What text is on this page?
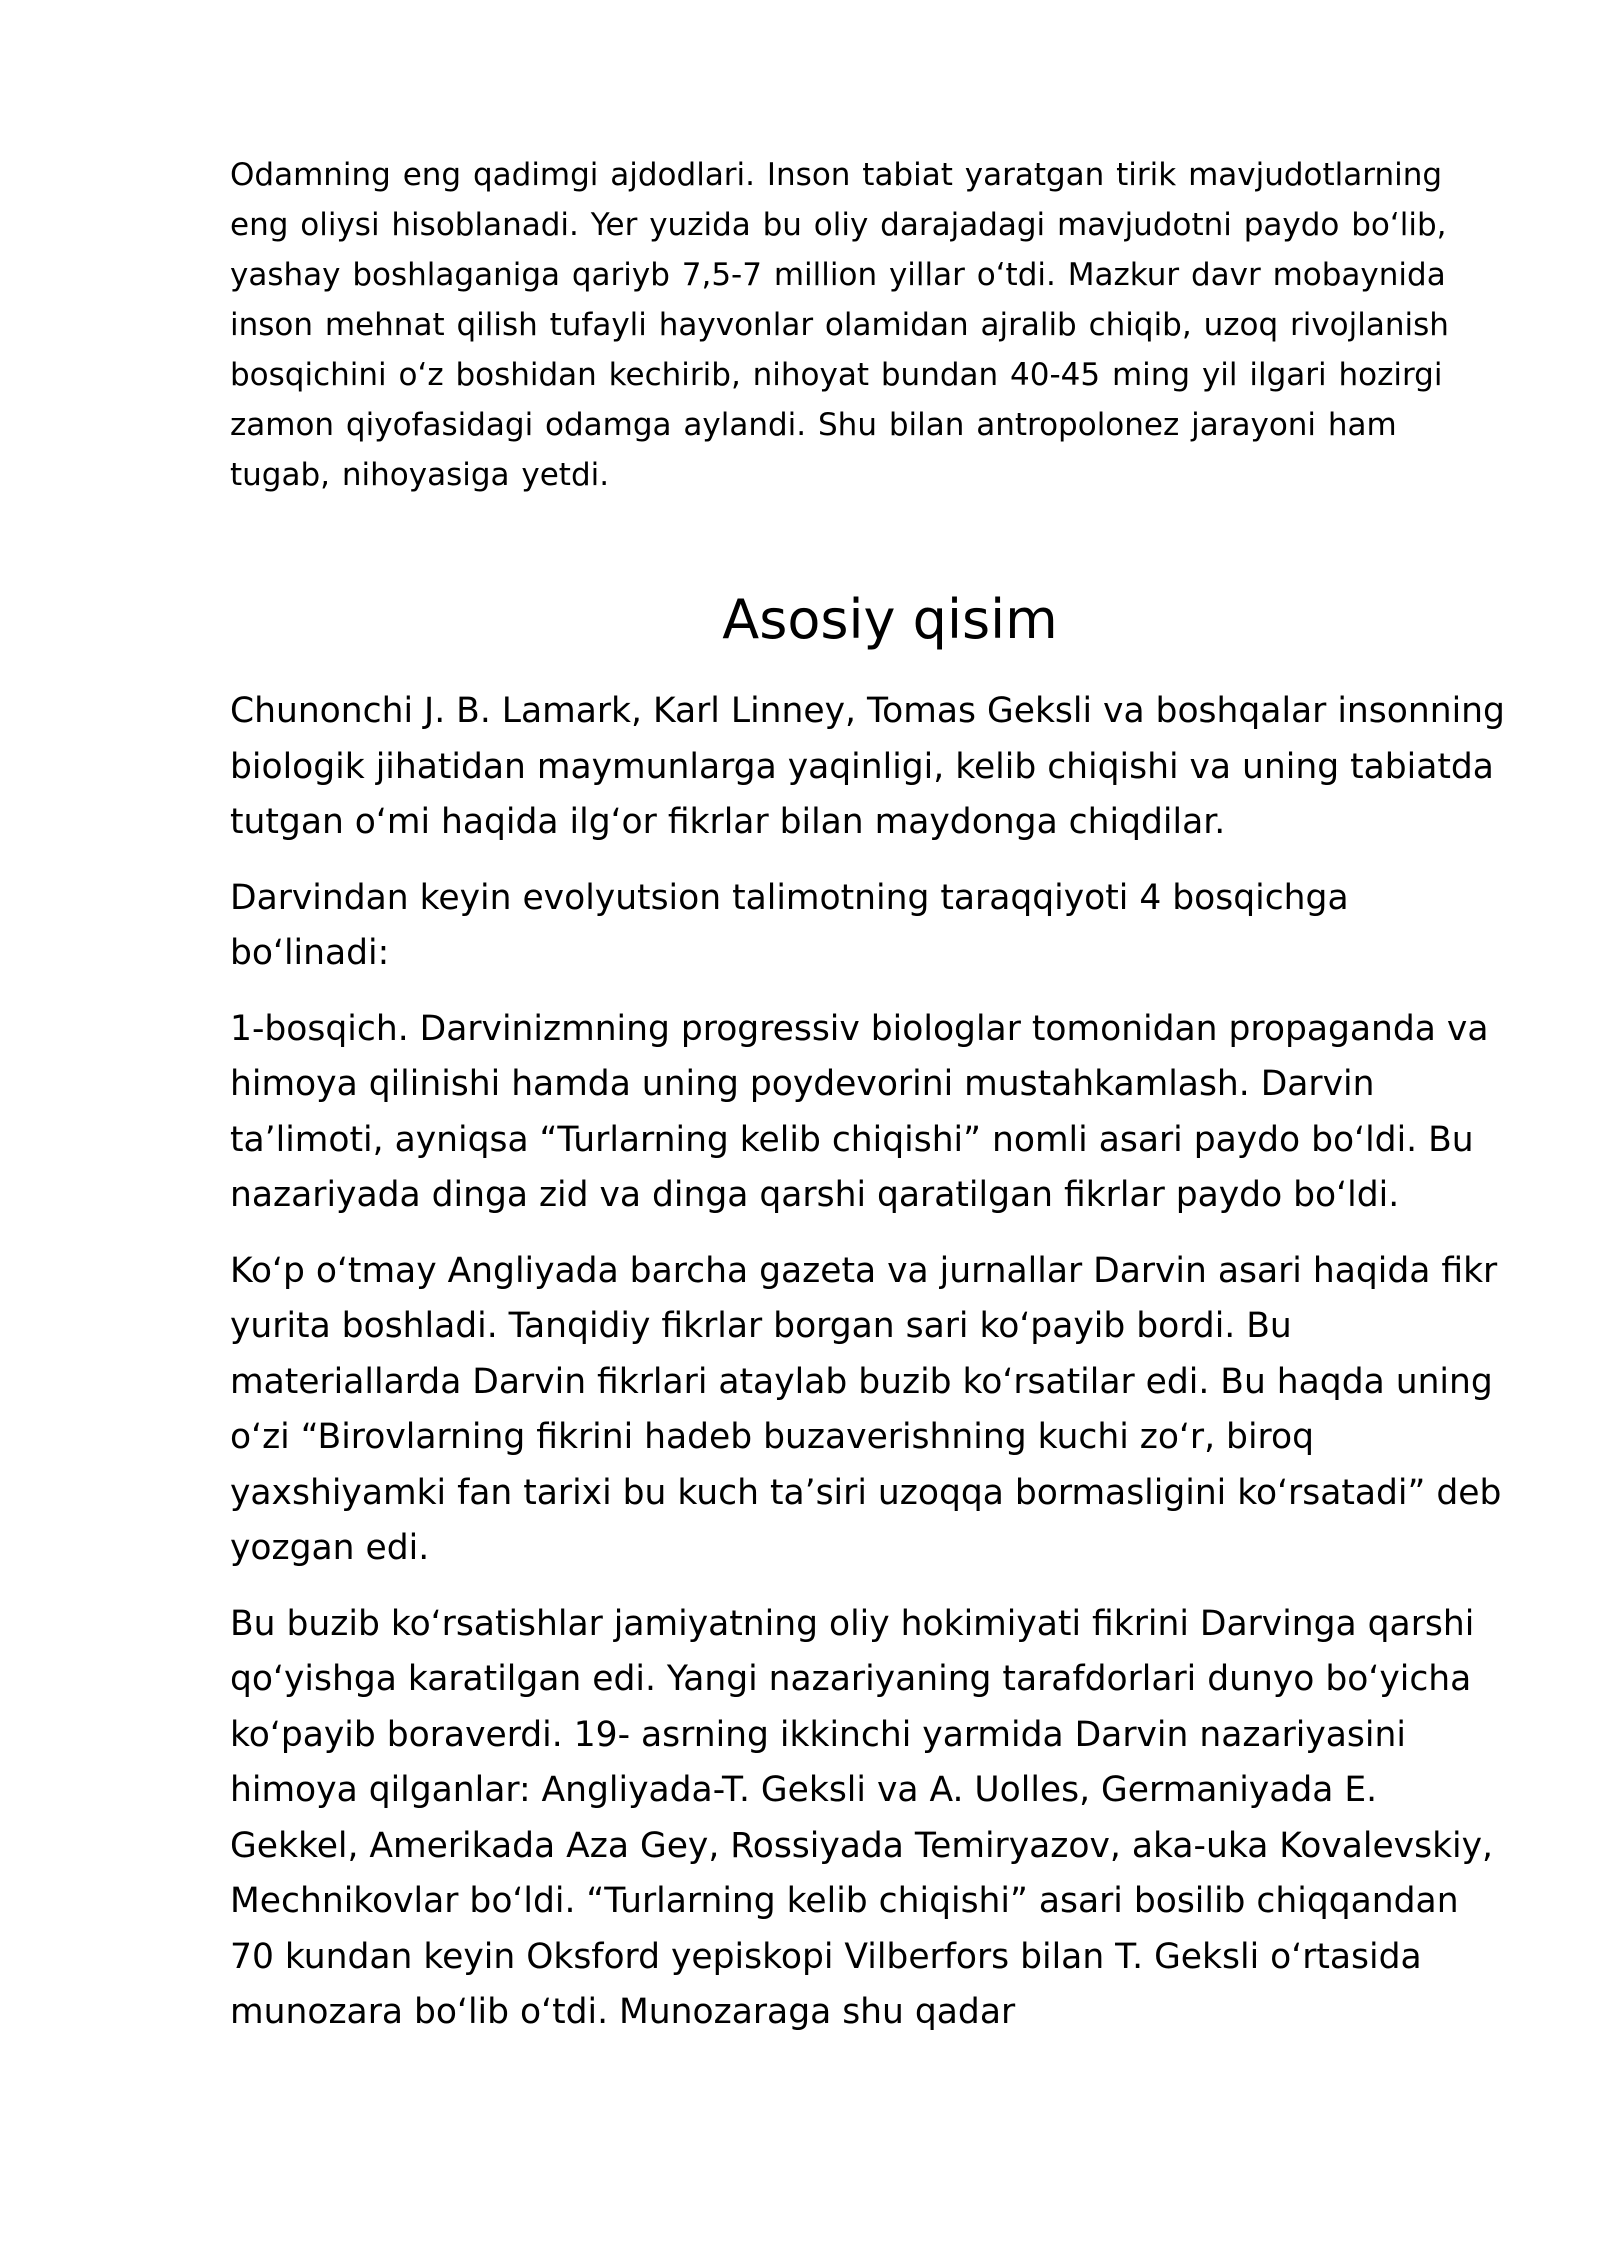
Odamning eng qadimgi ajdodlari. Inson tabiat yaratgan tirik mavjudotlarning eng oliysi hisoblanadi. Yer yuzida bu oliy darajadagi mavjudotni paydo boʻlib, yashay boshlaganiga qariyb 7,5-7 million yillar oʻtdi. Mazkur davr mobaynida inson mehnat qilish tufayli hayvonlar olamidan ajralib chiqib, uzoq rivojlanish bosqichini oʻz boshidan kechirib, nihoyat bundan 40-45 ming yil ilgari hozirgi zamon qiyofasidagi odamga aylandi. Shu bilan antropolonez jarayoni ham tugab, nihoyasiga yetdi.

Asosiy qisim

Chunonchi J. B. Lamark, Karl Linney, Tomas Geksli va boshqalar insonning biologik jihatidan maymunlarga yaqinligi, kelib chiqishi va uning tabiatda tutgan oʻmi haqida ilgʻor fikrlar bilan maydonga chiqdilar.

Darvindan keyin evolyutsion talimotning taraqqiyoti 4 bosqichga boʻlinadi:

1-bosqich. Darvinizmning progressiv biologlar tomonidan propaganda va himoya qilinishi hamda uning poydevorini mustahkamlash. Darvin taʼlimoti, ayniqsa “Turlarning kelib chiqishi” nomli asari paydo boʻldi. Bu nazariyada dinga zid va dinga qarshi qaratilgan fikrlar paydo boʻldi.

Koʻp oʻtmay Angliyada barcha gazeta va jurnallar Darvin asari haqida fikr yurita boshladi. Tanqidiy fikrlar borgan sari koʻpayib bordi. Bu materiallarda Darvin fikrlari ataylab buzib koʻrsatilar edi. Bu haqda uning oʻzi “Birovlarning fikrini hadeb buzaverishning kuchi zoʻr, biroq yaxshiyamki fan tarixi bu kuch taʼsiri uzoqqa bormasligini koʻrsatadi” deb yozgan edi.

Bu buzib koʻrsatishlar jamiyatning oliy hokimiyati fikrini Darvinga qarshi qoʻyishga karatilgan edi. Yangi nazariyaning tarafdorlari dunyo boʻyicha koʻpayib boraverdi. 19- asrning ikkinchi yarmida Darvin nazariyasini himoya qilganlar: Angliyada-T. Geksli va A. Uolles, Germaniyada E. Gekkel, Amerikada Aza Gey, Rossiyada Temiryazov, aka-uka Kovalevskiy, Mechnikovlar boʻldi. “Turlarning kelib chiqishi” asari bosilib chiqqandan 70 kundan keyin Oksford yepiskopi Vilberfors bilan T. Geksli oʻrtasida munozara boʻlib oʻtdi. Munozaraga shu qadar
